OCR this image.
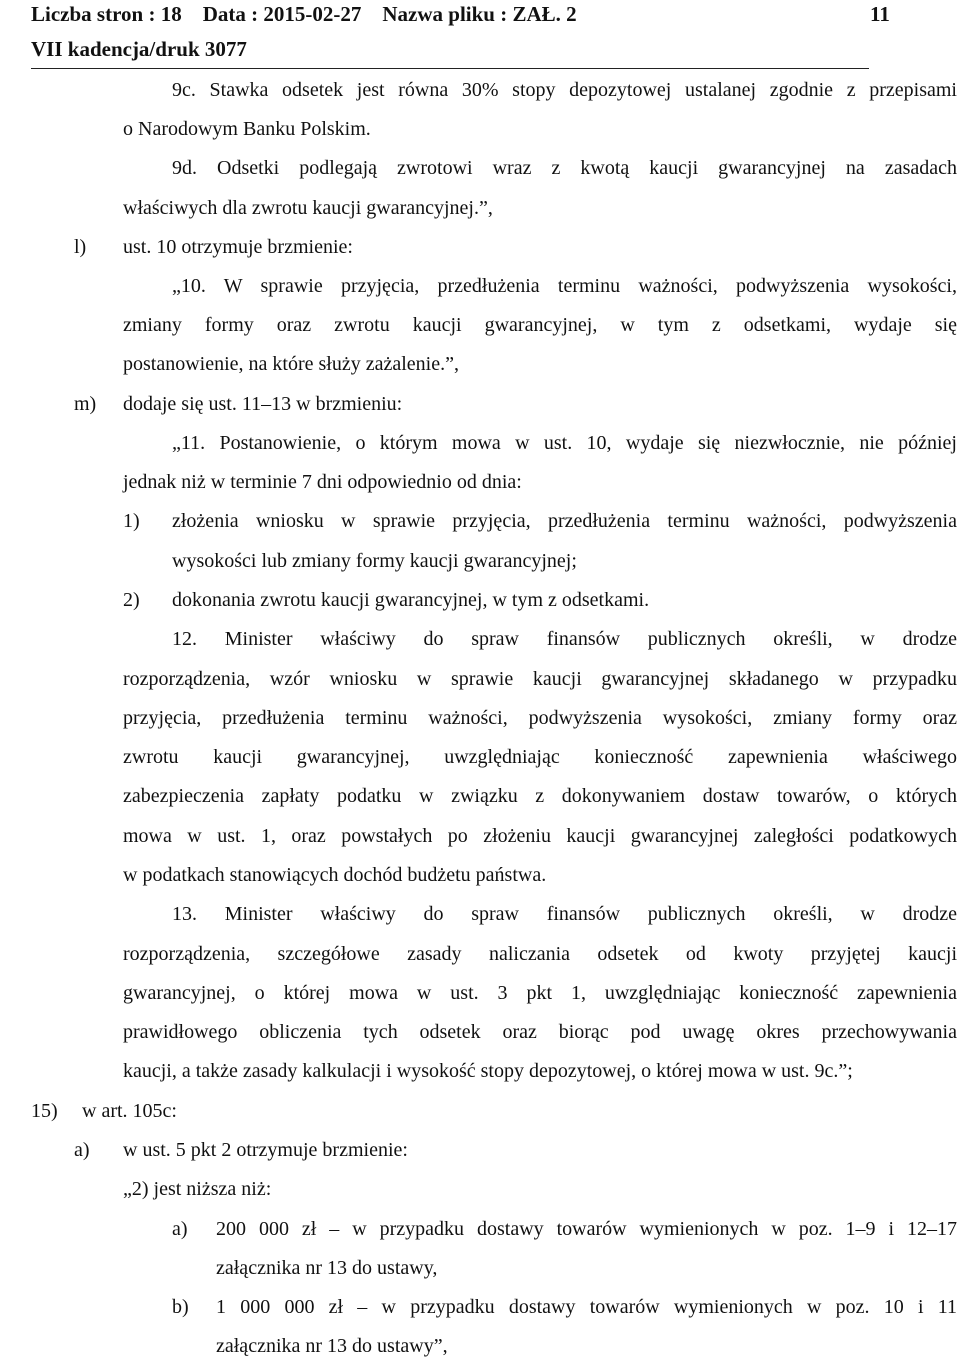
Liczba stron : 18 Data : 2015-02-27 Nazwa pliku : ZAŁ. 2	11
VII kadencja/druk 3077
9c. Stawka odsetek jest równa 30% stopy depozytowej ustalanej zgodnie z przepisami
o Narodowym Banku Polskim.
9d. Odsetki podlegają zwrotowi wraz z kwotą kaucji gwarancyjnej na zasadach
właściwych dla zwrotu kaucji gwarancyjnej.”,
l) ust. 10 otrzymuje brzmienie:
„10. W sprawie przyjęcia, przedłużenia terminu ważności, podwyższenia wysokości,
zmiany formy oraz zwrotu kaucji gwarancyjnej, w tym z odsetkami, wydaje się
postanowienie, na które służy zażalenie.”,
m) dodaje się ust. 11–13 w brzmieniu:
„11. Postanowienie, o którym mowa w ust. 10, wydaje się niezwłocznie, nie później
jednak niż w terminie 7 dni odpowiednio od dnia:
1) złożenia wniosku w sprawie przyjęcia, przedłużenia terminu ważności, podwyższenia
wysokości lub zmiany formy kaucji gwarancyjnej;
2) dokonania zwrotu kaucji gwarancyjnej, w tym z odsetkami.
12. Minister właściwy do spraw finansów publicznych określi, w drodze
rozporządzenia, wzór wniosku w sprawie kaucji gwarancyjnej składanego w przypadku
przyjęcia, przedłużenia terminu ważności, podwyższenia wysokości, zmiany formy oraz
zwrotu kaucji gwarancyjnej, uwzględniając konieczność zapewnienia właściwego
zabezpieczenia zapłaty podatku w związku z dokonywaniem dostaw towarów, o których
mowa w ust. 1, oraz powstałych po złożeniu kaucji gwarancyjnej zaległości podatkowych
w podatkach stanowiących dochód budżetu państwa.
13. Minister właściwy do spraw finansów publicznych określi, w drodze
rozporządzenia, szczegółowe zasady naliczania odsetek od kwoty przyjętej kaucji
gwarancyjnej, o której mowa w ust. 3 pkt 1, uwzględniając konieczność zapewnienia
prawidłowego obliczenia tych odsetek oraz biorąc pod uwagę okres przechowywania
kaucji, a także zasady kalkulacji i wysokość stopy depozytowej, o której mowa w ust. 9c.”;
15) w art. 105c:
a) w ust. 5 pkt 2 otrzymuje brzmienie:
„2) jest niższa niż:
a) 200 000 zł – w przypadku dostawy towarów wymienionych w poz. 1–9 i 12–17
załącznika nr 13 do ustawy,
b) 1 000 000 zł – w przypadku dostawy towarów wymienionych w poz. 10 i 11
załącznika nr 13 do ustawy”,
